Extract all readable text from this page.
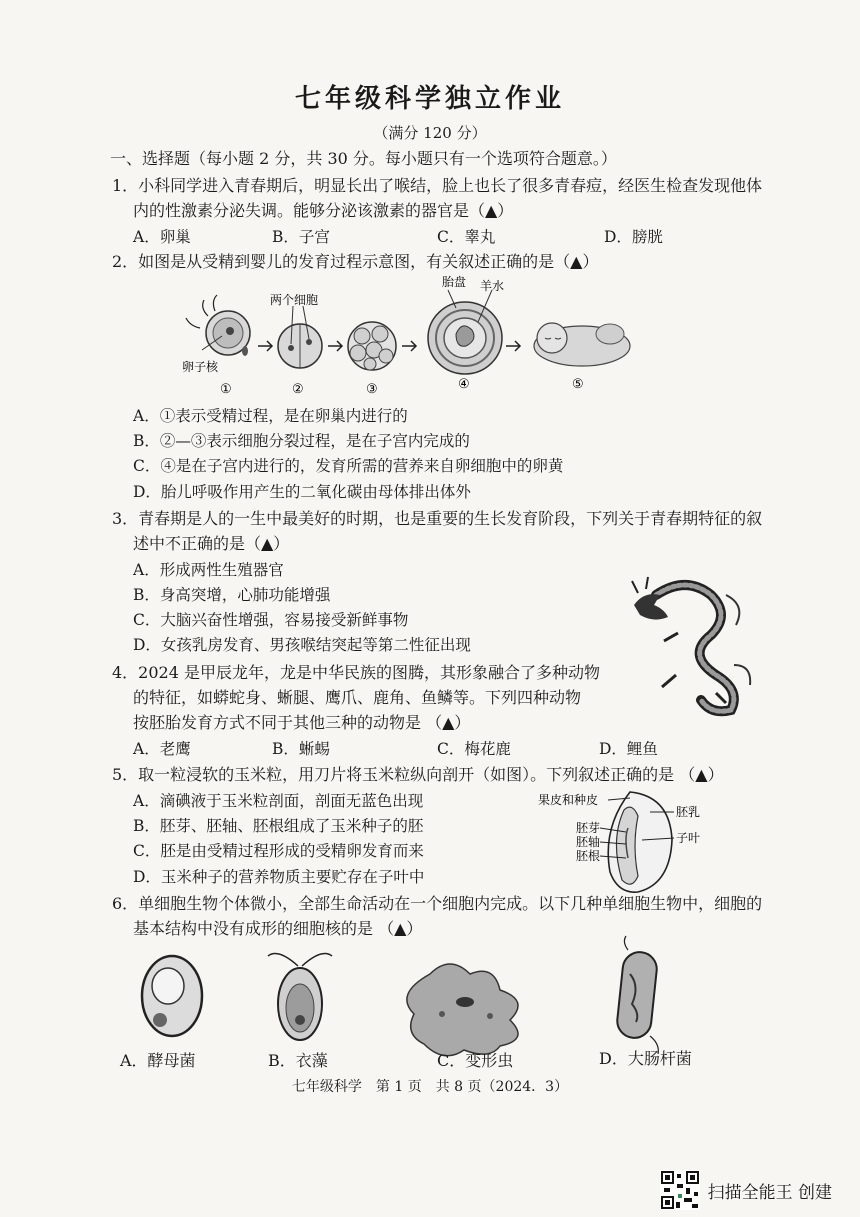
七年级科学独立作业
（满分 120 分）
一、选择题（每小题 2 分，共 30 分。每小题只有一个选项符合题意。）
1．小科同学进入青春期后，明显长出了喉结，脸上也长了很多青春痘，经医生检查发现他体
内的性激素分泌失调。能够分泌该激素的器官是（▲）
A．卵巢	B．子宫	C．睾丸	D．膀胱
2．如图是从受精到婴儿的发育过程示意图，有关叙述正确的是（▲）
两个细胞
胎盘 羊水
卵子核
①	②	③	④	⑤
A．①表示受精过程，是在卵巢内进行的
B．②—③表示细胞分裂过程，是在子宫内完成的
C．④是在子宫内进行的，发育所需的营养来自卵细胞中的卵黄
D．胎儿呼吸作用产生的二氧化碳由母体排出体外
3．青春期是人的一生中最美好的时期，也是重要的生长发育阶段，下列关于青春期特征的叙
述中不正确的是（▲）
A．形成两性生殖器官
B．身高突增，心肺功能增强
C．大脑兴奋性增强，容易接受新鲜事物
D．女孩乳房发育、男孩喉结突起等第二性征出现
4．2024 是甲辰龙年，龙是中华民族的图腾，其形象融合了多种动物
的特征，如蟒蛇身、蜥腿、鹰爪、鹿角、鱼鳞等。下列四种动物
按胚胎发育方式不同于其他三种的动物是 （▲）
A．老鹰	B．蜥蜴	C．梅花鹿	D．鲤鱼
5．取一粒浸软的玉米粒，用刀片将玉米粒纵向剖开（如图）。下列叙述正确的是 （▲）
A．滴碘液于玉米粒剖面，剖面无蓝色出现
B．胚芽、胚轴、胚根组成了玉米种子的胚
C．胚是由受精过程形成的受精卵发育而来
D．玉米种子的营养物质主要贮存在子叶中
果皮和种皮
胚乳
胚芽
胚轴
胚根
子叶
6．单细胞生物个体微小，全部生命活动在一个细胞内完成。以下几种单细胞生物中，细胞的
基本结构中没有成形的细胞核的是 （▲）
A．酵母菌	B．衣藻	C．变形虫	D．大肠杆菌
七年级科学　第 1 页　共 8 页（2024．3）
扫描全能王 创建
